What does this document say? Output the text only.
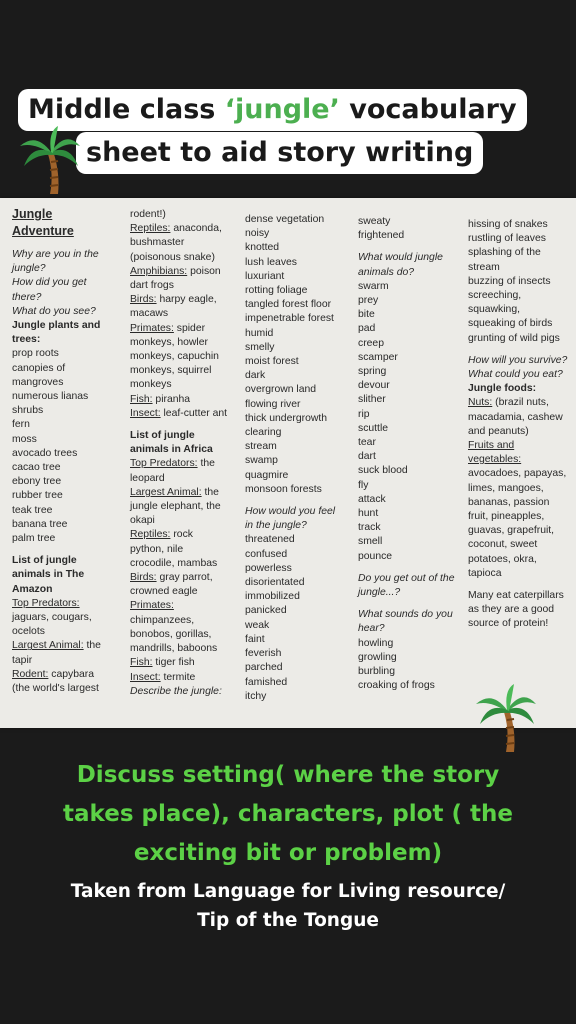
Middle class ‘jungle’ vocabulary
sheet to aid story writing
Jungle
Adventure
Why are you in the
jungle?
How did you get
there?
What do you see?
Jungle plants and
trees:
prop roots
canopies of
mangroves
numerous lianas
shrubs
fern
moss
avocado trees
cacao tree
ebony tree
rubber tree
teak tree
banana tree
palm tree
List of jungle
animals in The
Amazon
Top Predators:
jaguars, cougars,
ocelots
Largest Animal: the
tapir
Rodent: capybara
(the world's largest
rodent!)
Reptiles: anaconda,
bushmaster
(poisonous snake)
Amphibians: poison
dart frogs
Birds: harpy eagle,
macaws
Primates: spider
monkeys, howler
monkeys, capuchin
monkeys, squirrel
monkeys
Fish: piranha
Insect: leaf-cutter ant
List of jungle
animals in Africa
Top Predators: the
leopard
Largest Animal: the
jungle elephant, the
okapi
Reptiles: rock
python, nile
crocodile, mambas
Birds: gray parrot,
crowned eagle
Primates:
chimpanzees,
bonobos, gorillas,
mandrills, baboons
Fish: tiger fish
Insect: termite
Describe the jungle:
dense vegetation
noisy
knotted
lush leaves
luxuriant
rotting foliage
tangled forest floor
impenetrable forest
humid
smelly
moist forest
dark
overgrown land
flowing river
thick undergrowth
clearing
stream
swamp
quagmire
monsoon forests
How would you feel
in the jungle?
threatened
confused
powerless
disorientated
immobilized
panicked
weak
faint
feverish
parched
famished
itchy
sweaty
frightened
What would jungle
animals do?
swarm
prey
bite
pad
creep
scamper
spring
devour
slither
rip
scuttle
tear
dart
suck blood
fly
attack
hunt
track
smell
pounce
Do you get out of the
jungle...?
What sounds do you
hear?
howling
growling
burbling
croaking of frogs
hissing of snakes
rustling of leaves
splashing of the
stream
buzzing of insects
screeching,
squawking,
squeaking of birds
grunting of wild pigs
How will you survive?
What could you eat?
Jungle foods:
Nuts: (brazil nuts,
macadamia, cashew
and peanuts)
Fruits and
vegetables:
avocadoes, papayas,
limes, mangoes,
bananas, passion
fruit, pineapples,
guavas, grapefruit,
coconut, sweet
potatoes, okra,
tapioca
Many eat caterpillars
as they are a good
source of protein!
Discuss setting( where the story
takes place), characters, plot ( the
exciting bit or problem)
Taken from Language for Living resource/
Tip of the Tongue
